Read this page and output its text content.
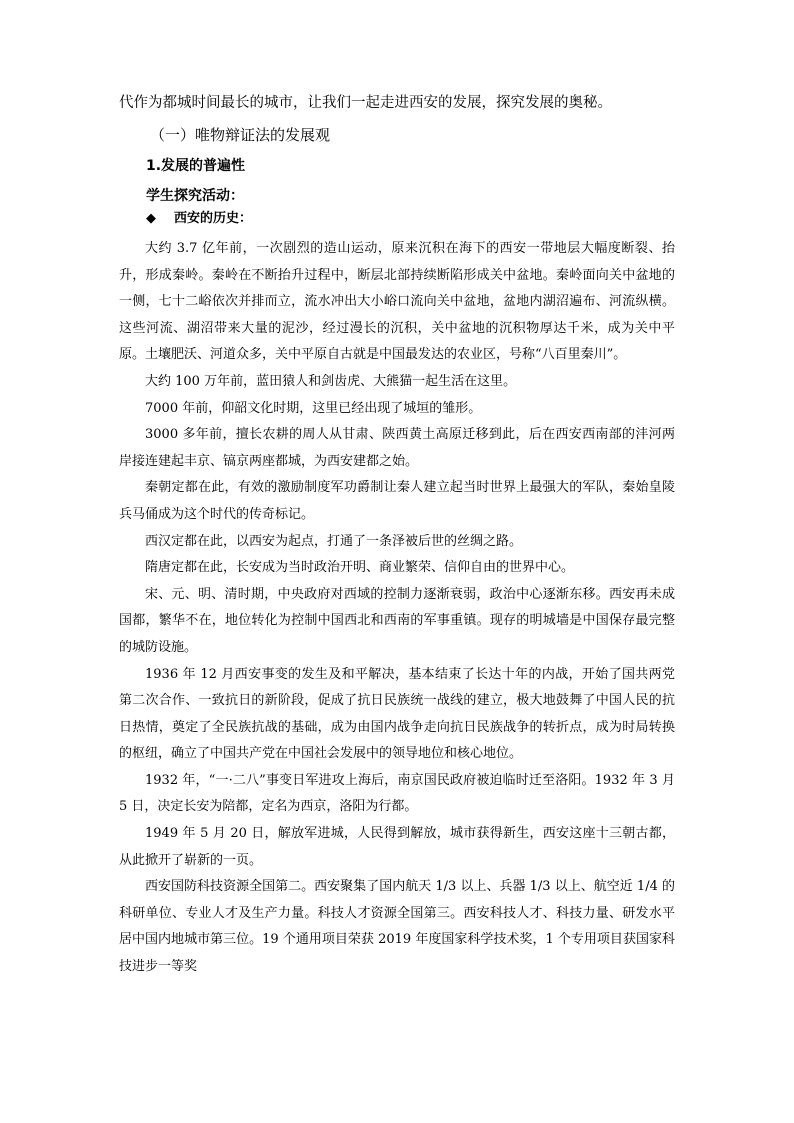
代作为都城时间最长的城市，让我们一起走进西安的发展，探究发展的奥秘。
（一）唯物辩证法的发展观
1.发展的普遍性
学生探究活动：
◆ 西安的历史：

大约 3.7 亿年前，一次剧烈的造山运动，原来沉积在海下的西安一带地层大幅度断裂、抬升，形成秦岭。秦岭在不断抬升过程中，断层北部持续断陷形成关中盆地。秦岭面向关中盆地的一侧，七十二峪依次并排而立，流水冲出大小峪口流向关中盆地，盆地内湖沼遍布、河流纵横。这些河流、湖沼带来大量的泥沙，经过漫长的沉积，关中盆地的沉积物厚达千米，成为关中平原。土壤肥沃、河道众多，关中平原自古就是中国最发达的农业区，号称“八百里秦川”。

大约 100 万年前，蓝田猿人和剑齿虎、大熊猫一起生活在这里。

7000 年前，仰韶文化时期，这里已经出现了城垣的雏形。

3000 多年前，擅长农耕的周人从甘肃、陕西黄土高原迁移到此，后在西安西南部的沣河两岸接连建起丰京、镐京两座都城，为西安建都之始。

秦朝定都在此，有效的激励制度军功爵制让秦人建立起当时世界上最强大的军队，秦始皇陵兵马俑成为这个时代的传奇标记。

西汉定都在此，以西安为起点，打通了一条泽被后世的丝绸之路。

隋唐定都在此，长安成为当时政治开明、商业繁荣、信仰自由的世界中心。

宋、元、明、清时期，中央政府对西域的控制力逐渐衰弱，政治中心逐渐东移。西安再未成国都，繁华不在，地位转化为控制中国西北和西南的军事重镇。现存的明城墙是中国保存最完整的城防设施。

1936 年 12 月西安事变的发生及和平解决，基本结束了长达十年的内战，开始了国共两党第二次合作、一致抗日的新阶段，促成了抗日民族统一战线的建立，极大地鼓舞了中国人民的抗日热情，奠定了全民族抗战的基础，成为由国内战争走向抗日民族战争的转折点，成为时局转换的枢纽，确立了中国共产党在中国社会发展中的领导地位和核心地位。

1932 年，“一·二八”事变日军进攻上海后，南京国民政府被迫临时迁至洛阳。1932 年 3 月 5 日，决定长安为陪都，定名为西京，洛阳为行都。

1949 年 5 月 20 日，解放军进城，人民得到解放，城市获得新生，西安这座十三朝古都，从此掀开了崭新的一页。

西安国防科技资源全国第二。西安聚集了国内航天 1/3 以上、兵器 1/3 以上、航空近 1/4 的科研单位、专业人才及生产力量。科技人才资源全国第三。西安科技人才、科技力量、研发水平居中国内地城市第三位。19 个通用项目荣获 2019 年度国家科学技术奖，1 个专用项目获国家科技进步一等奖
